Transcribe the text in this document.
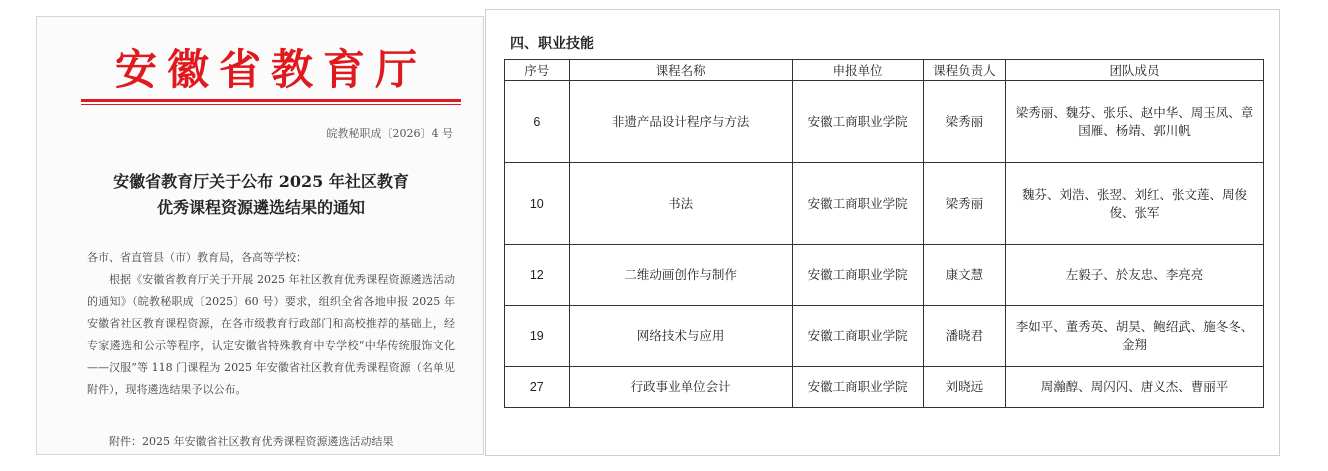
安徽省教育厅
皖教秘职成〔2026〕4 号
安徽省教育厅关于公布 2025 年社区教育
优秀课程资源遴选结果的通知
各市、省直管县（市）教育局，各高等学校：
根据《安徽省教育厅关于开展 2025 年社区教育优秀课程资源遴选活动的通知》（皖教秘职成〔2025〕60 号）要求，组织全省各地申报 2025 年安徽省社区教育课程资源，在各市级教育行政部门和高校推荐的基础上，经专家遴选和公示等程序，认定安徽省特殊教育中专学校“中华传统服饰文化——汉服”等 118 门课程为 2025 年安徽省社区教育优秀课程资源（名单见附件），现将遴选结果予以公布。
附件：2025 年安徽省社区教育优秀课程资源遴选活动结果
四、职业技能
序号	课程名称	申报单位	课程负责人	团队成员
6	非遗产品设计程序与方法	安徽工商职业学院	梁秀丽	梁秀丽、魏芬、张乐、赵中华、周玉凤、章国雁、杨靖、郭川帆
10	书法	安徽工商职业学院	梁秀丽	魏芬、刘浩、张翌、刘红、张文莲、周俊俊、张军
12	二维动画创作与制作	安徽工商职业学院	康文慧	左毅子、於友忠、李亮亮
19	网络技术与应用	安徽工商职业学院	潘晓君	李如平、董秀英、胡昊、鲍绍武、施冬冬、金翔
27	行政事业单位会计	安徽工商职业学院	刘晓远	周瀚醇、周闪闪、唐义杰、曹丽平
